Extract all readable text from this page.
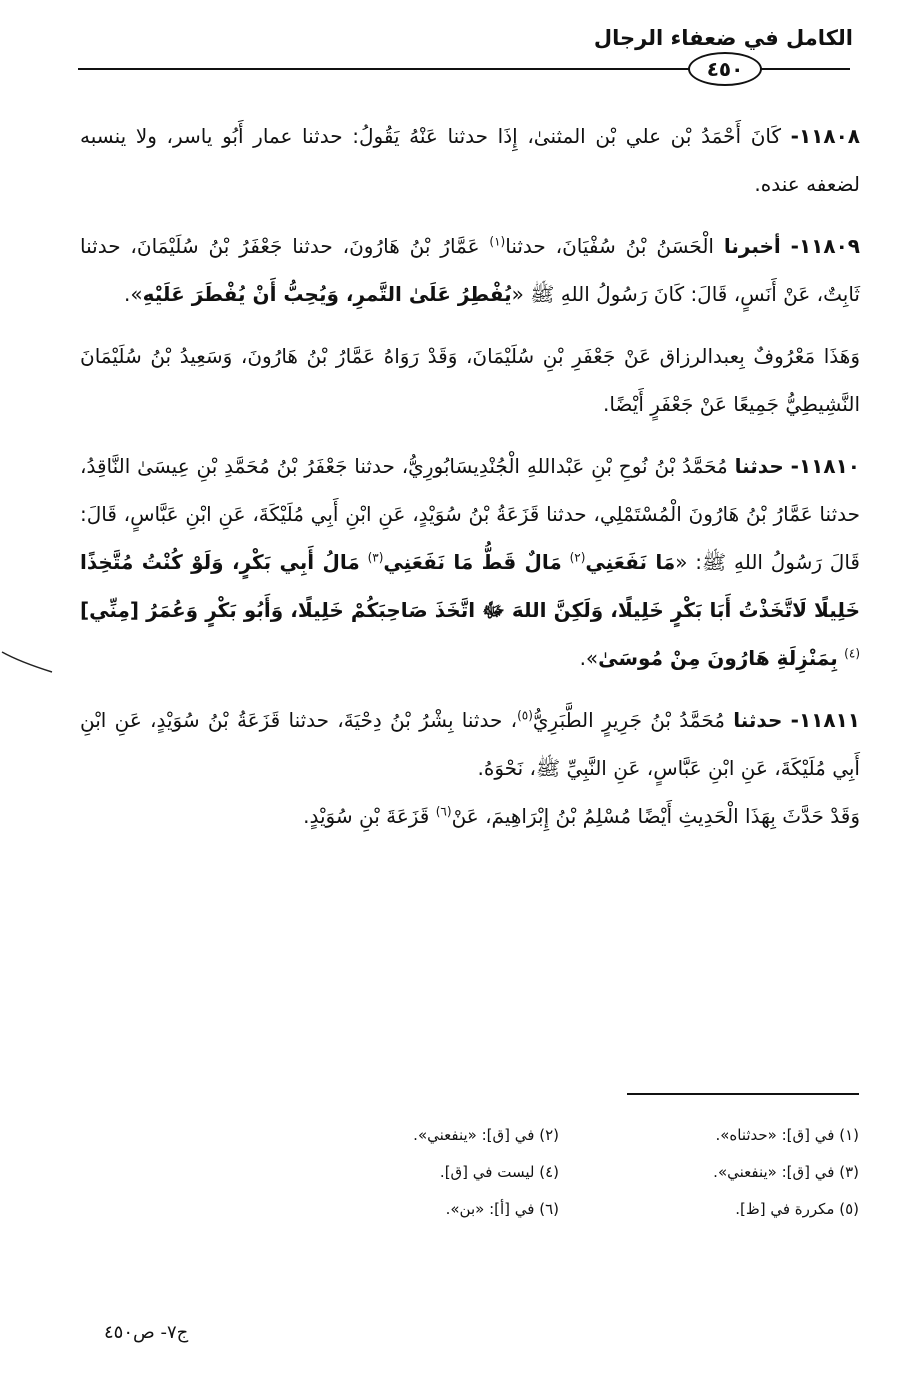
الكامل في ضعفاء الرجال
٤٥٠

١١٨٠٨- كَانَ أَحْمَدُ بْن علي بْن المثنىٰ، إِذَا حدثنا عَنْهُ يَقُولُ: حدثنا عمار أَبُو ياسر، ولا ينسبه لضعفه عنده.

١١٨٠٩- أخبرنا الْحَسَنُ بْنُ سُفْيَانَ، حدثنا$^{(١)}$ عَمَّارُ بْنُ هَارُونَ، حدثنا جَعْفَرُ بْنُ سُلَيْمَانَ، حدثنا ثَابِتٌ، عَنْ أَنَسٍ، قَالَ: كَانَ رَسُولُ اللهِ ﷺ «يُفْطِرُ عَلَىٰ التَّمرِ، وَيُحِبُّ أَنْ يُفْطَرَ عَلَيْهِ».

وَهَذَا مَعْرُوفٌ بِعبدالرزاق عَنْ جَعْفَرِ بْنِ سُلَيْمَانَ، وَقَدْ رَوَاهُ عَمَّارُ بْنُ هَارُونَ، وَسَعِيدُ بْنُ سُلَيْمَانَ النَّشِيطِيُّ جَمِيعًا عَنْ جَعْفَرٍ أَيْضًا.

١١٨١٠- حدثنا مُحَمَّدُ بْنُ نُوحِ بْنِ عَبْداللهِ الْجُنْدِيسَابُورِيُّ، حدثنا جَعْفَرُ بْنُ مُحَمَّدِ بْنِ عِيسَىٰ النَّاقِدُ، حدثنا عَمَّارُ بْنُ هَارُونَ الْمُسْتَمْلِي، حدثنا قَزَعَةُ بْنُ سُوَيْدٍ، عَنِ ابْنِ أَبِي مُلَيْكَةَ، عَنِ ابْنِ عَبَّاسٍ، قَالَ: قَالَ رَسُولُ اللهِ ﷺ: «مَا نَفَعَنِي$^{(٢)}$ مَالٌ قَطُّ مَا نَفَعَنِي$^{(٣)}$ مَالُ أَبِي بَكْرٍ، وَلَوْ كُنْتُ مُتَّخِذًا خَلِيلًا لَاتَّخَذْتُ أَبَا بَكْرٍ خَلِيلًا، وَلَكِنَّ اللهَ ﷻ اتَّخَذَ صَاحِبَكُمْ خَلِيلًا، وَأَبُو بَكْرٍ وَعُمَرُ [مِنِّي]$^{(٤)}$ بِمَنْزِلَةِ هَارُونَ مِنْ مُوسَىٰ».

١١٨١١- حدثنا مُحَمَّدُ بْنُ جَرِيرٍ الطَّبَرِيُّ$^{(٥)}$، حدثنا بِشْرُ بْنُ دِحْيَةَ، حدثنا قَزَعَةُ بْنُ سُوَيْدٍ، عَنِ ابْنِ أَبِي مُلَيْكَةَ، عَنِ ابْنِ عَبَّاسٍ، عَنِ النَّبِيِّ ﷺ، نَحْوَهُ.

وَقَدْ حَدَّثَ بِهَذَا الْحَدِيثِ أَيْضًا مُسْلِمُ بْنُ إِبْرَاهِيمَ، عَنْ$^{(٦)}$ قَزَعَةَ بْنِ سُوَيْدٍ.

(١) في [ق]: «حدثناه».
(٢) في [ق]: «ينفعني».
(٣) في [ق]: «ينفعني».
(٤) ليست في [ق].
(٥) مكررة في [ظ].
(٦) في [أ]: «بن».
ج٧- ص٤٥٠
